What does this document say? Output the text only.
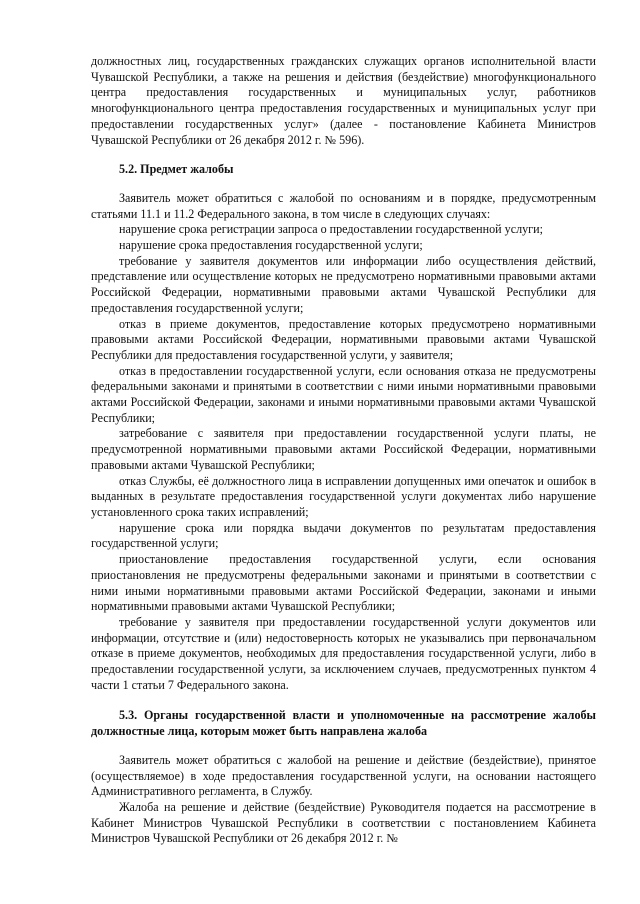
должностных лиц, государственных гражданских служащих органов исполнительной власти Чувашской Республики, а также на решения и действия (бездействие) многофункционального центра предоставления государственных и муниципальных услуг, работников многофункционального центра предоставления государственных и муниципальных услуг при предоставлении государственных услуг» (далее - постановление Кабинета Министров Чувашской Республики от 26 декабря 2012 г. № 596).

5.2. Предмет жалобы

Заявитель может обратиться с жалобой по основаниям и в порядке, предусмотренным статьями 11.1 и 11.2 Федерального закона, в том числе в следующих случаях:

нарушение срока регистрации запроса о предоставлении государственной услуги;

нарушение срока предоставления государственной услуги;

требование у заявителя документов или информации либо осуществления действий, представление или осуществление которых не предусмотрено нормативными правовыми актами Российской Федерации, нормативными правовыми актами Чувашской Республики для предоставления государственной услуги;

отказ в приеме документов, предоставление которых предусмотрено нормативными правовыми актами Российской Федерации, нормативными правовыми актами Чувашской Республики для предоставления государственной услуги, у заявителя;

отказ в предоставлении государственной услуги, если основания отказа не предусмотрены федеральными законами и принятыми в соответствии с ними иными нормативными правовыми актами Российской Федерации, законами и иными нормативными правовыми актами Чувашской Республики;

затребование с заявителя при предоставлении государственной услуги платы, не предусмотренной нормативными правовыми актами Российской Федерации, нормативными правовыми актами Чувашской Республики;

отказ Службы, её должностного лица в исправлении допущенных ими опечаток и ошибок в выданных в результате предоставления государственной услуги документах либо нарушение установленного срока таких исправлений;

нарушение срока или порядка выдачи документов по результатам предоставления государственной услуги;

приостановление предоставления государственной услуги, если основания приостановления не предусмотрены федеральными законами и принятыми в соответствии с ними иными нормативными правовыми актами Российской Федерации, законами и иными нормативными правовыми актами Чувашской Республики;

требование у заявителя при предоставлении государственной услуги документов или информации, отсутствие и (или) недостоверность которых не указывались при первоначальном отказе в приеме документов, необходимых для предоставления государственной услуги, либо в предоставлении государственной услуги, за исключением случаев, предусмотренных пунктом 4 части 1 статьи 7 Федерального закона.

5.3. Органы государственной власти и уполномоченные на рассмотрение жалобы должностные лица, которым может быть направлена жалоба

Заявитель может обратиться с жалобой на решение и действие (бездействие), принятое (осуществляемое) в ходе предоставления государственной услуги, на основании настоящего Административного регламента, в Службу.

Жалоба на решение и действие (бездействие) Руководителя подается на рассмотрение в Кабинет Министров Чувашской Республики в соответствии с постановлением Кабинета Министров Чувашской Республики от 26 декабря 2012 г. №
